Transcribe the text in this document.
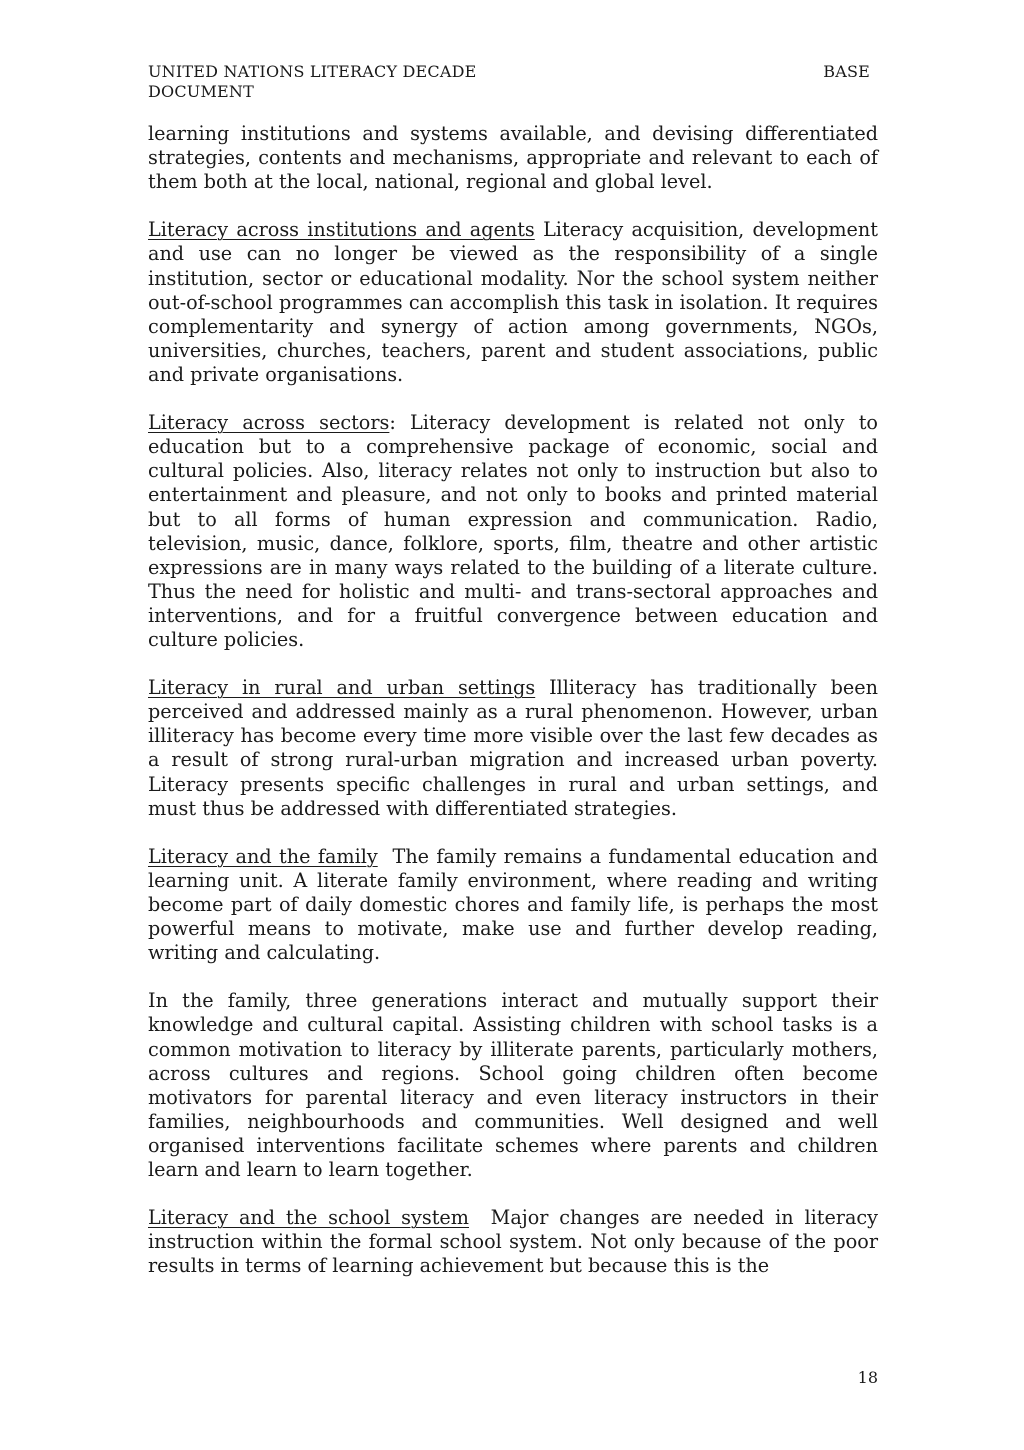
UNITED NATIONS LITERACY DECADE	BASE
DOCUMENT

learning institutions and systems available, and devising differentiated strategies, contents and mechanisms, appropriate and relevant to each of them both at the local, national, regional and global level.

Literacy across institutions and agents Literacy acquisition, development and use can no longer be viewed as the responsibility of a single institution, sector or educational modality. Nor the school system neither out-of-school programmes can accomplish this task in isolation. It requires complementarity and synergy of action among governments, NGOs, universities, churches, teachers, parent and student associations, public and private organisations.

Literacy across sectors: Literacy development is related not only to education but to a comprehensive package of economic, social and cultural policies. Also, literacy relates not only to instruction but also to entertainment and pleasure, and not only to books and printed material but to all forms of human expression and communication. Radio, television, music, dance, folklore, sports, film, theatre and other artistic expressions are in many ways related to the building of a literate culture. Thus the need for holistic and multi- and trans-sectoral approaches and interventions, and for a fruitful convergence between education and culture policies.

Literacy in rural and urban settings Illiteracy has traditionally been perceived and addressed mainly as a rural phenomenon. However, urban illiteracy has become every time more visible over the last few decades as a result of strong rural-urban migration and increased urban poverty. Literacy presents specific challenges in rural and urban settings, and must thus be addressed with differentiated strategies.

Literacy and the family The family remains a fundamental education and learning unit. A literate family environment, where reading and writing become part of daily domestic chores and family life, is perhaps the most powerful means to motivate, make use and further develop reading, writing and calculating.

In the family, three generations interact and mutually support their knowledge and cultural capital. Assisting children with school tasks is a common motivation to literacy by illiterate parents, particularly mothers, across cultures and regions. School going children often become motivators for parental literacy and even literacy instructors in their families, neighbourhoods and communities. Well designed and well organised interventions facilitate schemes where parents and children learn and learn to learn together.

Literacy and the school system Major changes are needed in literacy instruction within the formal school system. Not only because of the poor results in terms of learning achievement but because this is the

18
